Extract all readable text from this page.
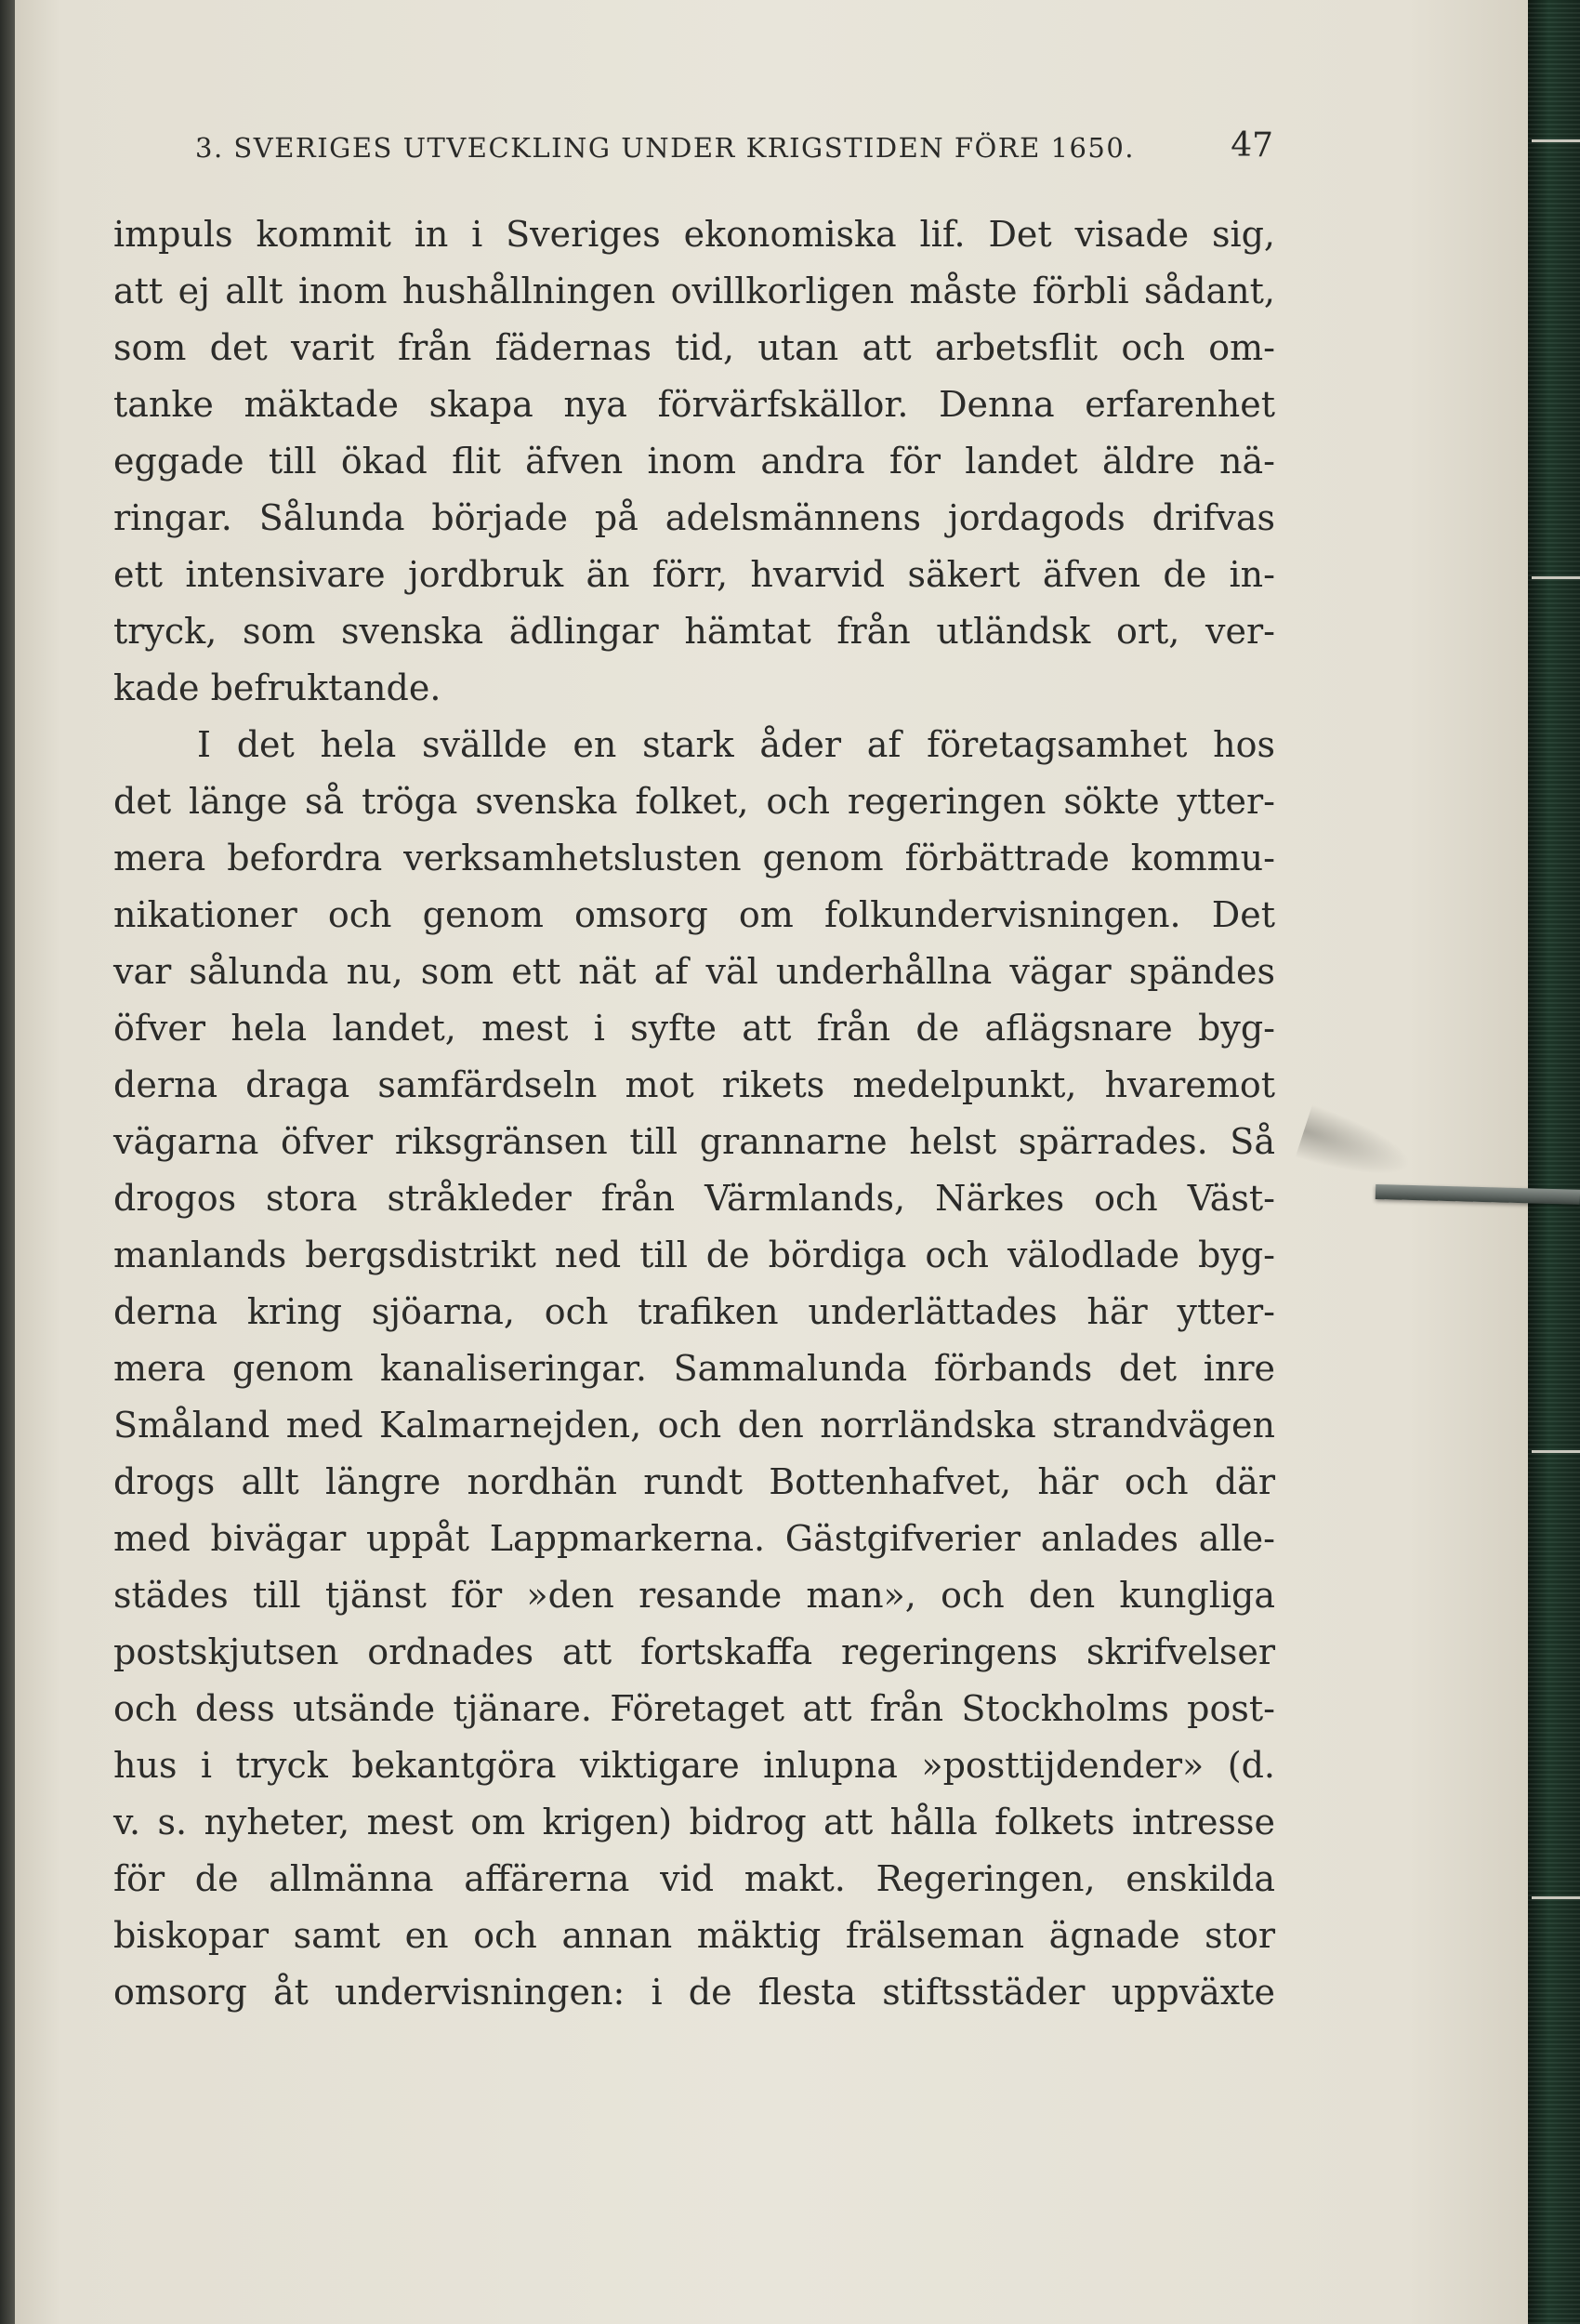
3. SVERIGES UTVECKLING UNDER KRIGSTIDEN FÖRE 1650.	47
impuls kommit in i Sveriges ekonomiska lif. Det visade sig,
att ej allt inom hushållningen ovillkorligen måste förbli sådant,
som det varit från fädernas tid, utan att arbetsflit och om-
tanke mäktade skapa nya förvärfskällor. Denna erfarenhet
eggade till ökad flit äfven inom andra för landet äldre nä-
ringar. Sålunda började på adelsmännens jordagods drifvas
ett intensivare jordbruk än förr, hvarvid säkert äfven de in-
tryck, som svenska ädlingar hämtat från utländsk ort, ver-
kade befruktande.
I det hela svällde en stark åder af företagsamhet hos
det länge så tröga svenska folket, och regeringen sökte ytter-
mera befordra verksamhetslusten genom förbättrade kommu-
nikationer och genom omsorg om folkundervisningen. Det
var sålunda nu, som ett nät af väl underhållna vägar spändes
öfver hela landet, mest i syfte att från de aflägsnare byg-
derna draga samfärdseln mot rikets medelpunkt, hvaremot
vägarna öfver riksgränsen till grannarne helst spärrades. Så
drogos stora stråkleder från Värmlands, Närkes och Väst-
manlands bergsdistrikt ned till de bördiga och välodlade byg-
derna kring sjöarna, och trafiken underlättades här ytter-
mera genom kanaliseringar. Sammalunda förbands det inre
Småland med Kalmarnejden, och den norrländska strandvägen
drogs allt längre nordhän rundt Bottenhafvet, här och där
med bivägar uppåt Lappmarkerna. Gästgifverier anlades alle-
städes till tjänst för »den resande man», och den kungliga
postskjutsen ordnades att fortskaffa regeringens skrifvelser
och dess utsände tjänare. Företaget att från Stockholms post-
hus i tryck bekantgöra viktigare inlupna »posttijdender» (d.
v. s. nyheter, mest om krigen) bidrog att hålla folkets intresse
för de allmänna affärerna vid makt. Regeringen, enskilda
biskopar samt en och annan mäktig frälseman ägnade stor
omsorg åt undervisningen: i de flesta stiftsstäder uppväxte
